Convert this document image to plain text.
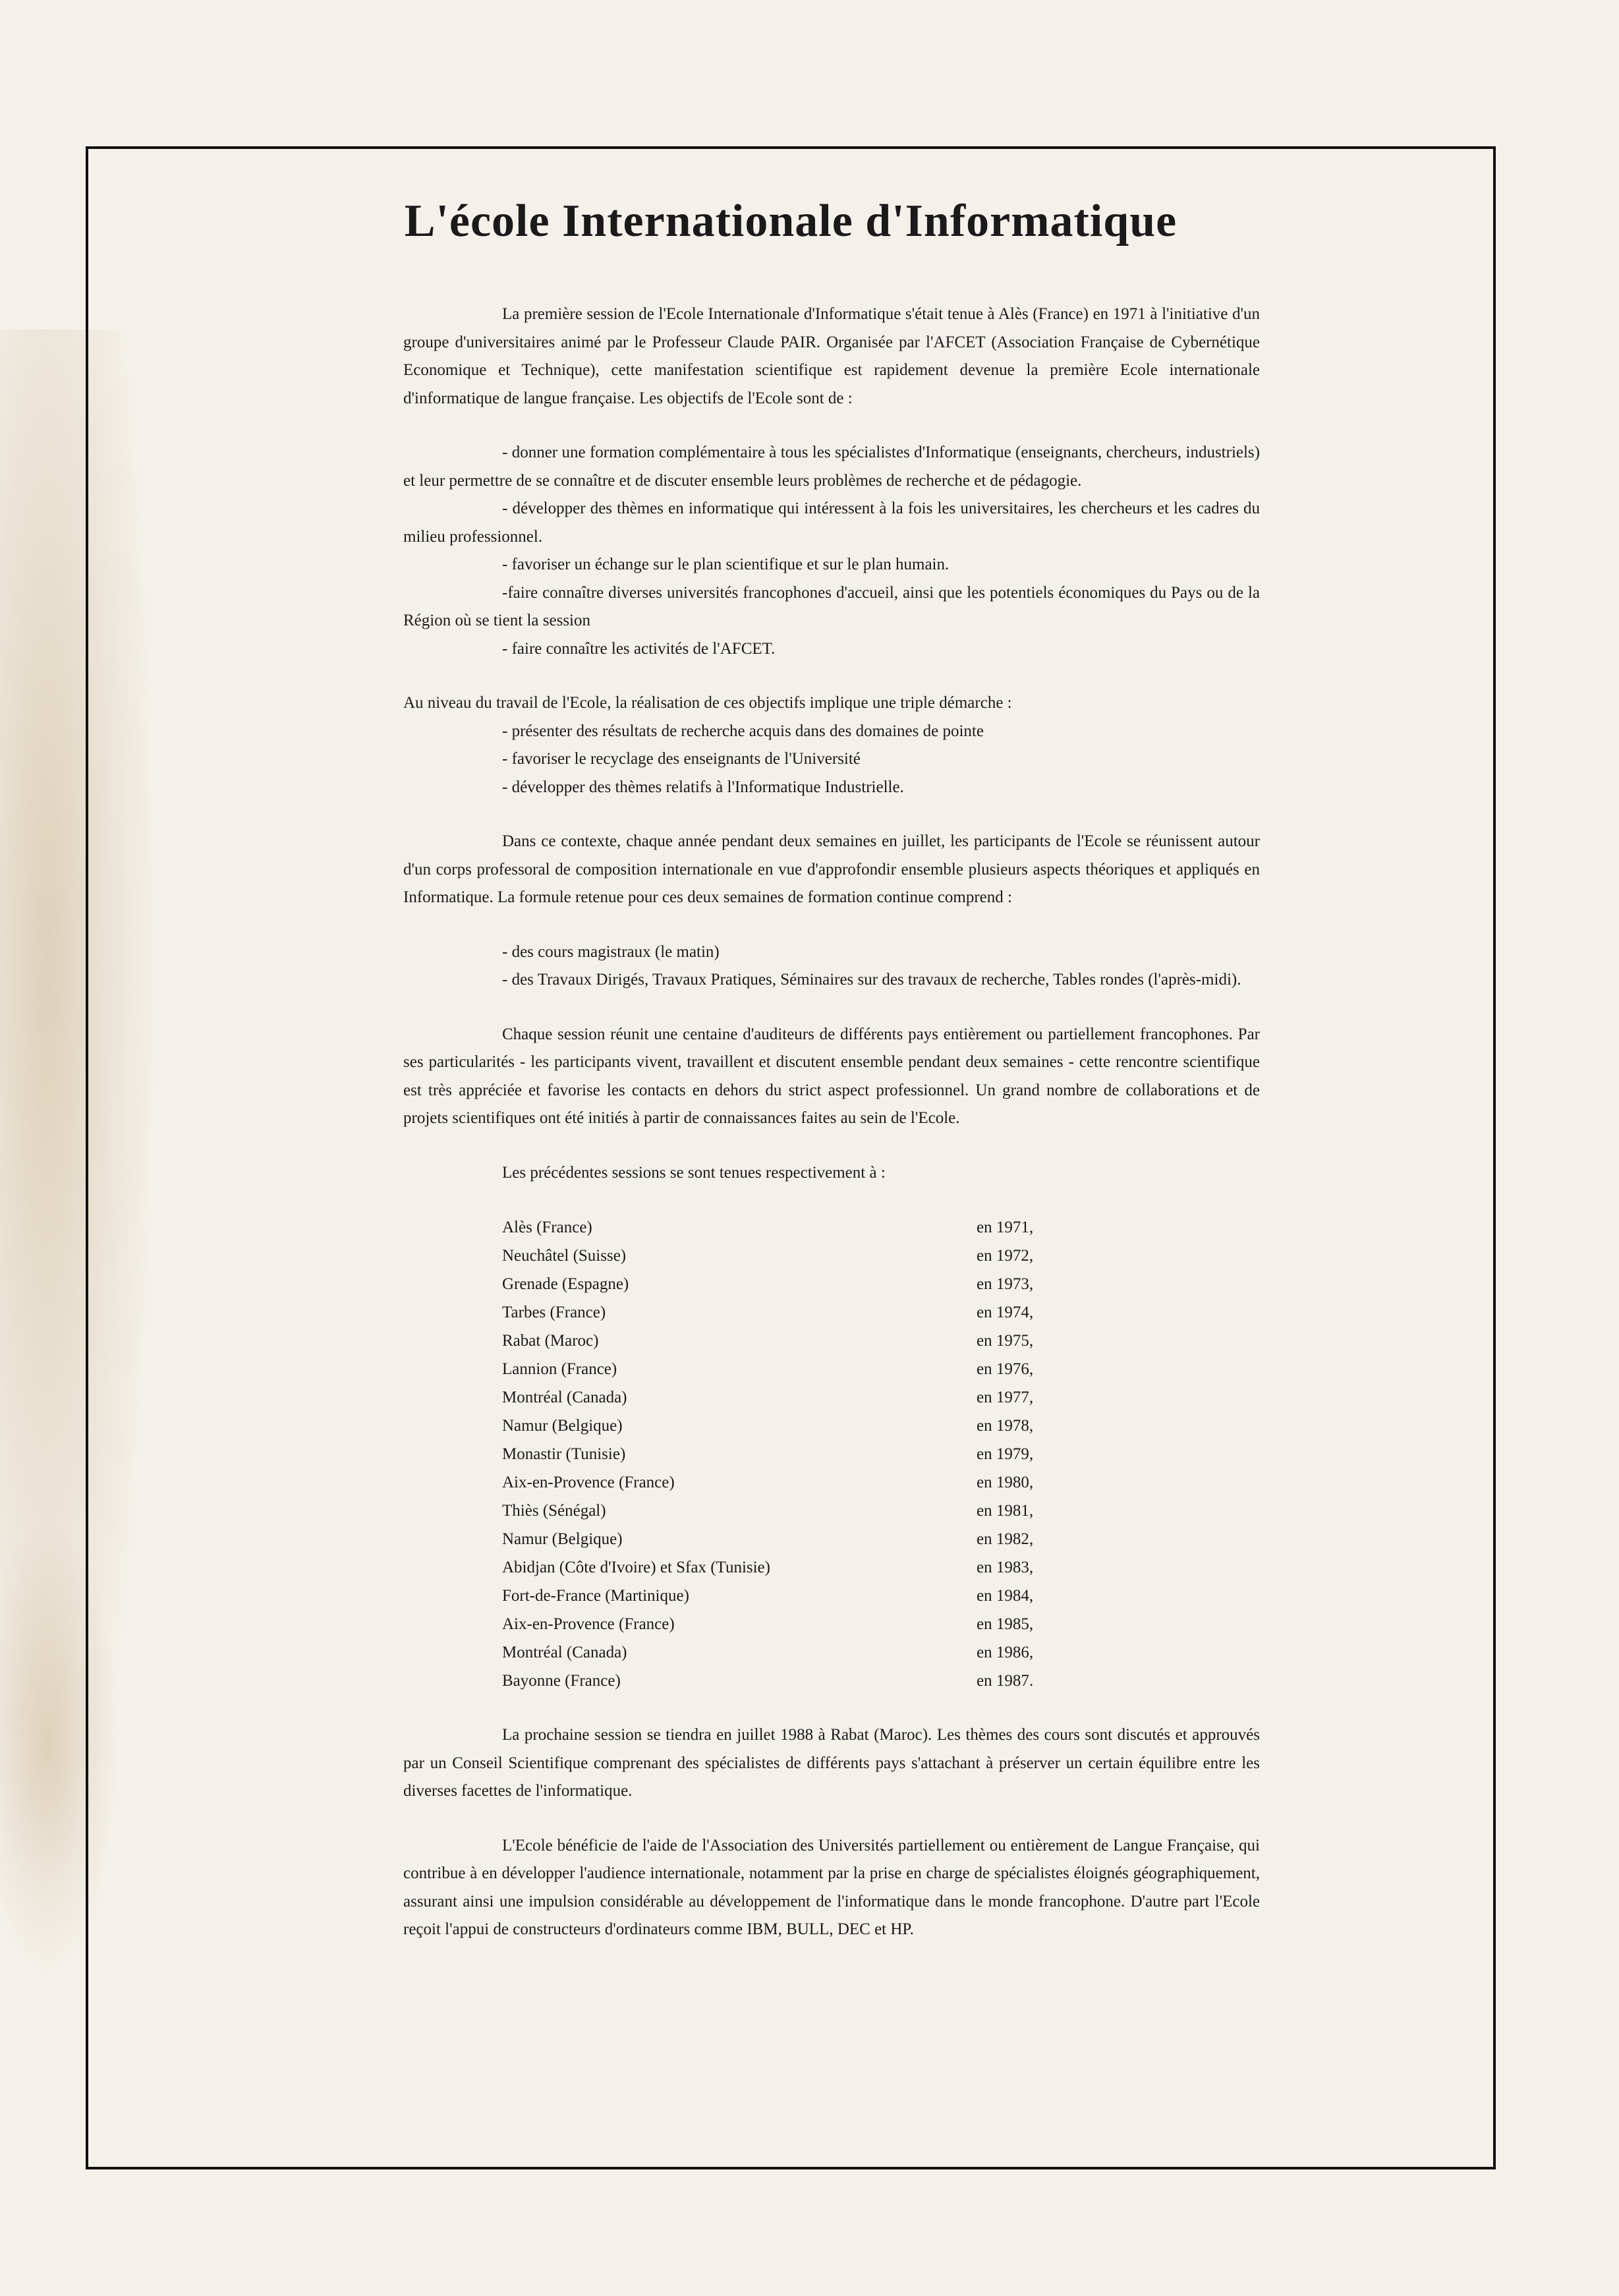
L'école Internationale d'Informatique

La première session de l'Ecole Internationale d'Informatique s'était tenue à Alès (France) en 1971 à l'initiative d'un groupe d'universitaires animé par le Professeur Claude PAIR. Organisée par l'AFCET (Association Française de Cybernétique Economique et Technique), cette manifestation scientifique est rapidement devenue la première Ecole internationale d'informatique de langue française. Les objectifs de l'Ecole sont de :

- donner une formation complémentaire à tous les spécialistes d'Informatique (enseignants, chercheurs, industriels) et leur permettre de se connaître et de discuter ensemble leurs problèmes de recherche et de pédagogie.

- développer des thèmes en informatique qui intéressent à la fois les universitaires, les chercheurs et les cadres du milieu professionnel.

- favoriser un échange sur le plan scientifique et sur le plan humain.

-faire connaître diverses universités francophones d'accueil, ainsi que les potentiels économiques du Pays ou de la Région où se tient la session

- faire connaître les activités de l'AFCET.

Au niveau du travail de l'Ecole, la réalisation de ces objectifs implique une triple démarche :

- présenter des résultats de recherche acquis dans des domaines de pointe

- favoriser le recyclage des enseignants de l'Université

- développer des thèmes relatifs à l'Informatique Industrielle.

Dans ce contexte, chaque année pendant deux semaines en juillet, les participants de l'Ecole se réunissent autour d'un corps professoral de composition internationale en vue d'approfondir ensemble plusieurs aspects théoriques et appliqués en Informatique. La formule retenue pour ces deux semaines de formation continue comprend :

- des cours magistraux (le matin)

- des Travaux Dirigés, Travaux Pratiques, Séminaires sur des travaux de recherche, Tables rondes (l'après-midi).

Chaque session réunit une centaine d'auditeurs de différents pays entièrement ou partiellement francophones. Par ses particularités - les participants vivent, travaillent et discutent ensemble pendant deux semaines - cette rencontre scientifique est très appréciée et favorise les contacts en dehors du strict aspect professionnel. Un grand nombre de collaborations et de projets scientifiques ont été initiés à partir de connaissances faites au sein de l'Ecole.

Les précédentes sessions se sont tenues respectivement à :

Alès (France)	en 1971,
Neuchâtel (Suisse)	en 1972,
Grenade (Espagne)	en 1973,
Tarbes (France)	en 1974,
Rabat (Maroc)	en 1975,
Lannion (France)	en 1976,
Montréal (Canada)	en 1977,
Namur (Belgique)	en 1978,
Monastir (Tunisie)	en 1979,
Aix-en-Provence (France)	en 1980,
Thiès (Sénégal)	en 1981,
Namur (Belgique)	en 1982,
Abidjan (Côte d'Ivoire) et Sfax (Tunisie)	en 1983,
Fort-de-France (Martinique)	en 1984,
Aix-en-Provence (France)	en 1985,
Montréal (Canada)	en 1986,
Bayonne (France)	en 1987.

La prochaine session se tiendra en juillet 1988 à Rabat (Maroc). Les thèmes des cours sont discutés et approuvés par un Conseil Scientifique comprenant des spécialistes de différents pays s'attachant à préserver un certain équilibre entre les diverses facettes de l'informatique.

L'Ecole bénéficie de l'aide de l'Association des Universités partiellement ou entièrement de Langue Française, qui contribue à en développer l'audience internationale, notamment par la prise en charge de spécialistes éloignés géographiquement, assurant ainsi une impulsion considérable au développement de l'informatique dans le monde francophone. D'autre part l'Ecole reçoit l'appui de constructeurs d'ordinateurs comme IBM, BULL, DEC et HP.
